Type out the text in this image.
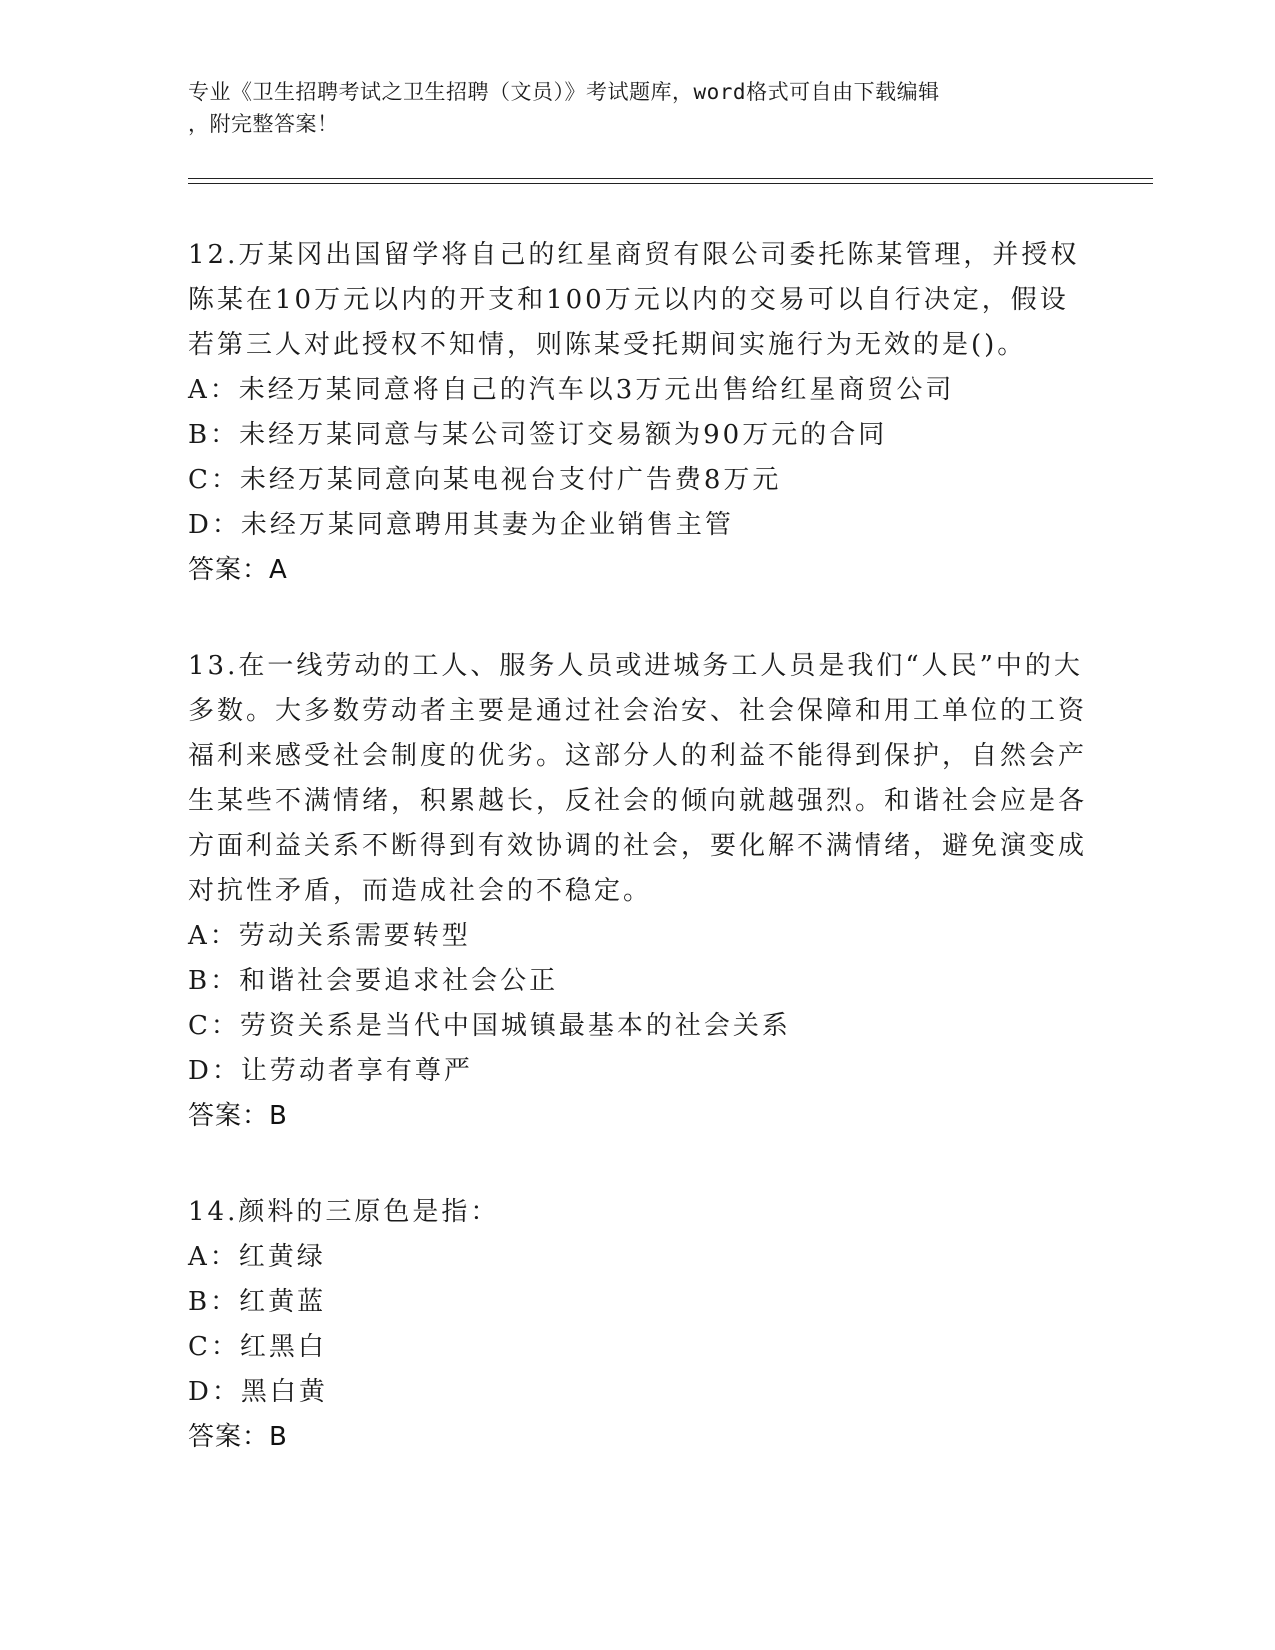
专业《卫生招聘考试之卫生招聘（文员）》考试题库，word格式可自由下载编辑

，附完整答案！

12.万某冈出国留学将自己的红星商贸有限公司委托陈某管理，并授权陈某在10万元以内的开支和100万元以内的交易可以自行决定，假设若第三人对此授权不知情，则陈某受托期间实施行为无效的是()。

A：未经万某同意将自己的汽车以3万元出售给红星商贸公司

B：未经万某同意与某公司签订交易额为90万元的合同

C：未经万某同意向某电视台支付广告费8万元

D：未经万某同意聘用其妻为企业销售主管

答案：A

13.在一线劳动的工人、服务人员或进城务工人员是我们“人民”中的大多数。大多数劳动者主要是通过社会治安、社会保障和用工单位的工资福利来感受社会制度的优劣。这部分人的利益不能得到保护，自然会产生某些不满情绪，积累越长，反社会的倾向就越强烈。和谐社会应是各方面利益关系不断得到有效协调的社会，要化解不满情绪，避免演变成对抗性矛盾，而造成社会的不稳定。

A：劳动关系需要转型

B：和谐社会要追求社会公正

C：劳资关系是当代中国城镇最基本的社会关系

D：让劳动者享有尊严

答案：B

14.颜料的三原色是指：

A：红黄绿

B：红黄蓝

C：红黑白

D：黑白黄

答案：B
